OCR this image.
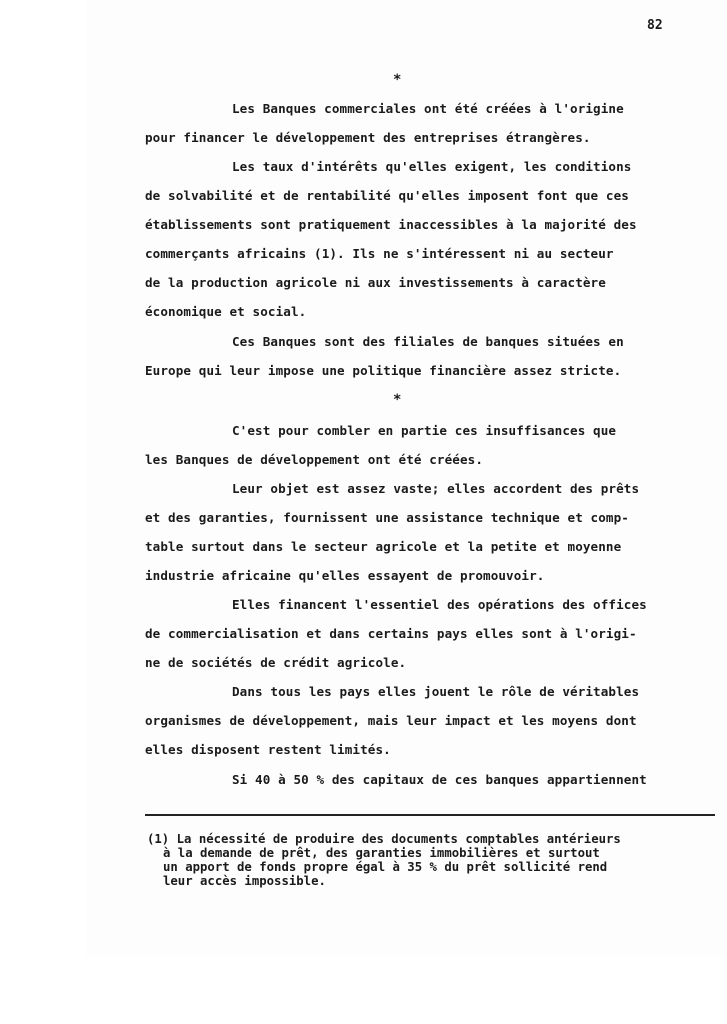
82
*
Les Banques commerciales ont été créées à l'origine
pour financer le développement des entreprises étrangères.
Les taux d'intérêts qu'elles exigent, les conditions
de solvabilité et de rentabilité qu'elles imposent font que ces
établissements sont pratiquement inaccessibles à la majorité des
commerçants africains (1). Ils ne s'intéressent ni au secteur
de la production agricole ni aux investissements à caractère
économique et social.
Ces Banques sont des filiales de banques situées en
Europe qui leur impose une politique financière assez stricte.
*
C'est pour combler en partie ces insuffisances que
les Banques de développement ont été créées.
Leur objet est assez vaste; elles accordent des prêts
et des garanties, fournissent une assistance technique et comp-
table surtout dans le secteur agricole et la petite et moyenne
industrie africaine qu'elles essayent de promouvoir.
Elles financent l'essentiel des opérations des offices
de commercialisation et dans certains pays elles sont à l'origi-
ne de sociétés de crédit agricole.
Dans tous les pays elles jouent le rôle de véritables
organismes de développement, mais leur impact et les moyens dont
elles disposent restent limités.
Si 40 à 50 % des capitaux de ces banques appartiennent
(1) La nécessité de produire des documents comptables antérieurs
à la demande de prêt, des garanties immobilières et surtout
un apport de fonds propre égal à 35 % du prêt sollicité rend
leur accès impossible.
